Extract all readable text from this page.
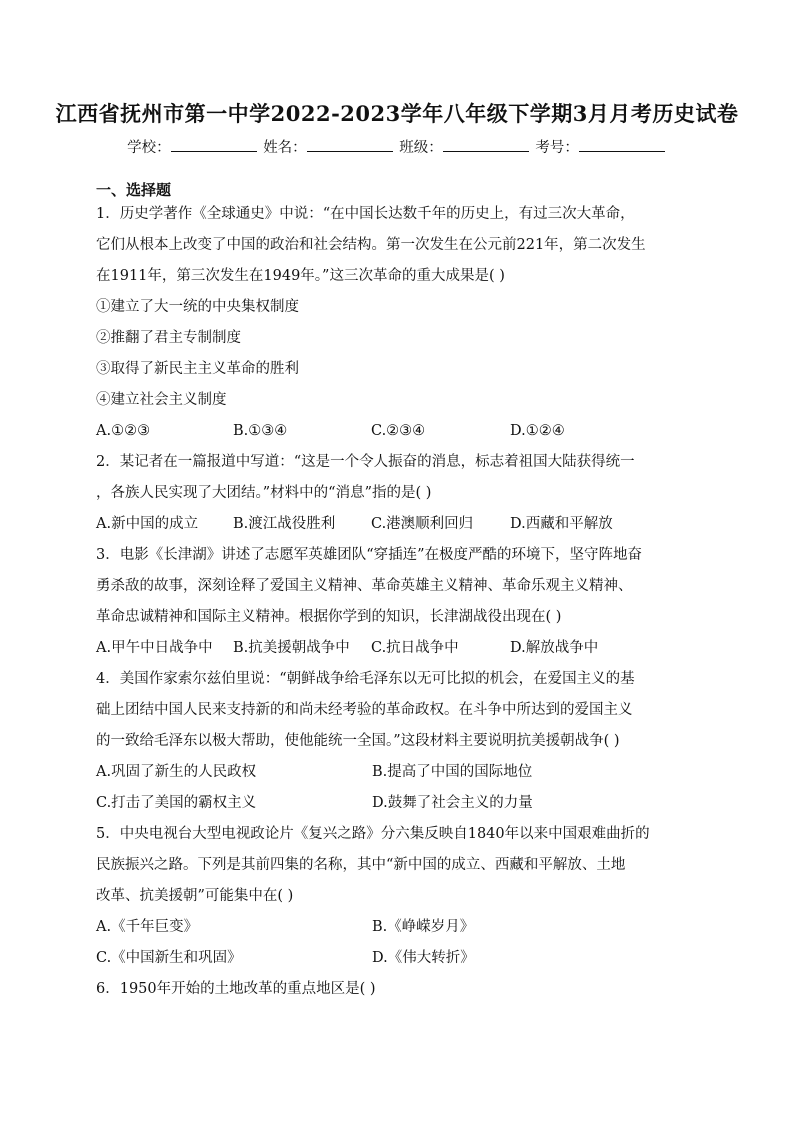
江西省抚州市第一中学2022-2023学年八年级下学期3月月考历史试卷
学校：	姓名：	班级：	考号：
一、选择题
1．历史学著作《全球通史》中说：“在中国长达数千年的历史上，有过三次大革命，
它们从根本上改变了中国的政治和社会结构。第一次发生在公元前221年，第二次发生
在1911年，第三次发生在1949年。”这三次革命的重大成果是( )
①建立了大一统的中央集权制度
②推翻了君主专制制度
③取得了新民主主义革命的胜利
④建立社会主义制度
A.①②③	B.①③④	C.②③④	D.①②④
2．某记者在一篇报道中写道：“这是一个令人振奋的消息，标志着祖国大陆获得统一
，各族人民实现了大团结。”材料中的“消息”指的是( )
A.新中国的成立 B.渡江战役胜利 C.港澳顺利回归	D.西藏和平解放
3．电影《长津湖》讲述了志愿军英雄团队“穿插连”在极度严酷的环境下，坚守阵地奋
勇杀敌的故事，深刻诠释了爱国主义精神、革命英雄主义精神、革命乐观主义精神、
革命忠诚精神和国际主义精神。根据你学到的知识，长津湖战役出现在( )
A.甲午中日战争中 B.抗美援朝战争中 C.抗日战争中	D.解放战争中
4．美国作家索尔兹伯里说：“朝鲜战争给毛泽东以无可比拟的机会，在爱国主义的基
础上团结中国人民来支持新的和尚未经考验的革命政权。在斗争中所达到的爱国主义
的一致给毛泽东以极大帮助，使他能统一全国。”这段材料主要说明抗美援朝战争( )
A.巩固了新生的人民政权	B.提高了中国的国际地位
C.打击了美国的霸权主义	D.鼓舞了社会主义的力量
5．中央电视台大型电视政论片《复兴之路》分六集反映自1840年以来中国艰难曲折的
民族振兴之路。下列是其前四集的名称，其中“新中国的成立、西藏和平解放、土地
改革、抗美援朝”可能集中在( )
A.《千年巨变》	B.《峥嵘岁月》
C.《中国新生和巩固》	D.《伟大转折》
6．1950年开始的土地改革的重点地区是( )
